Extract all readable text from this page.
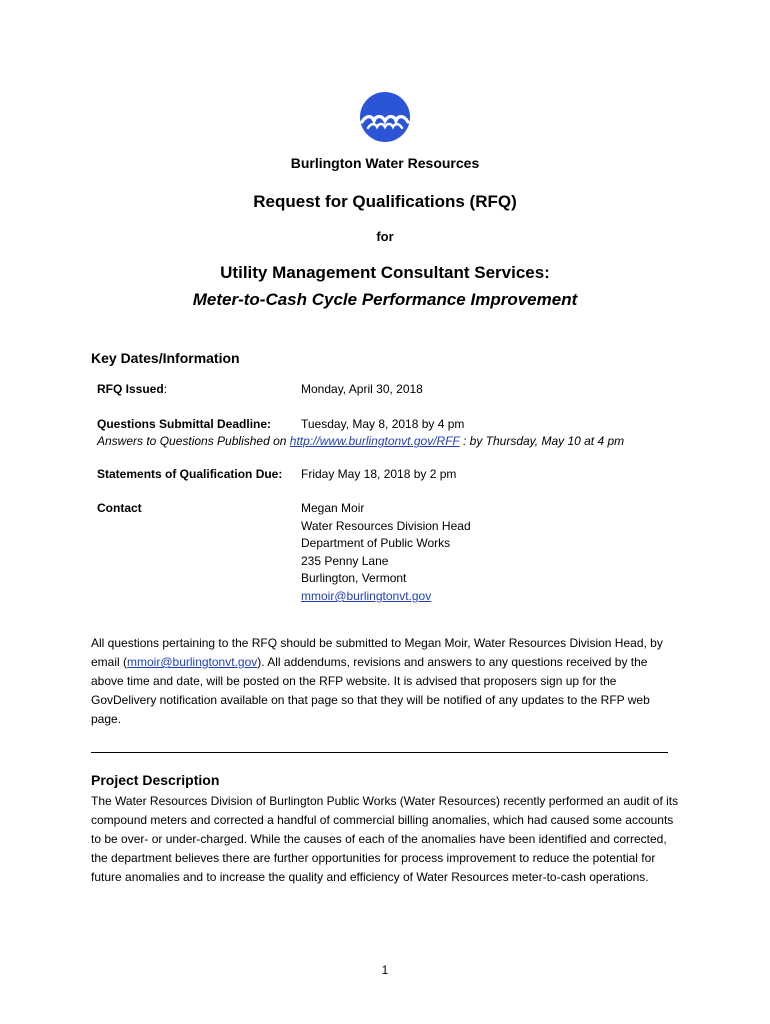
Burlington Water Resources
Request for Qualifications (RFQ)
for
Utility Management Consultant Services:
Meter-to-Cash Cycle Performance Improvement
Key Dates/Information
RFQ Issued:	Monday, April 30, 2018
Questions Submittal Deadline: Tuesday, May 8, 2018 by 4 pm
Answers to Questions Published on http://www.burlingtonvt.gov/RFF : by Thursday, May 10 at 4 pm
Statements of Qualification Due: Friday May 18, 2018 by 2 pm
Contact	Megan Moir
Water Resources Division Head
Department of Public Works
235 Penny Lane
Burlington, Vermont
mmoir@burlingtonvt.gov
All questions pertaining to the RFQ should be submitted to Megan Moir, Water Resources Division Head, by email (mmoir@burlingtonvt.gov). All addendums, revisions and answers to any questions received by the above time and date, will be posted on the RFP website. It is advised that proposers sign up for the GovDelivery notification available on that page so that they will be notified of any updates to the RFP web page.
Project Description
The Water Resources Division of Burlington Public Works (Water Resources) recently performed an audit of its compound meters and corrected a handful of commercial billing anomalies, which had caused some accounts to be over- or under-charged. While the causes of each of the anomalies have been identified and corrected, the department believes there are further opportunities for process improvement to reduce the potential for future anomalies and to increase the quality and efficiency of Water Resources meter-to-cash operations.
1
